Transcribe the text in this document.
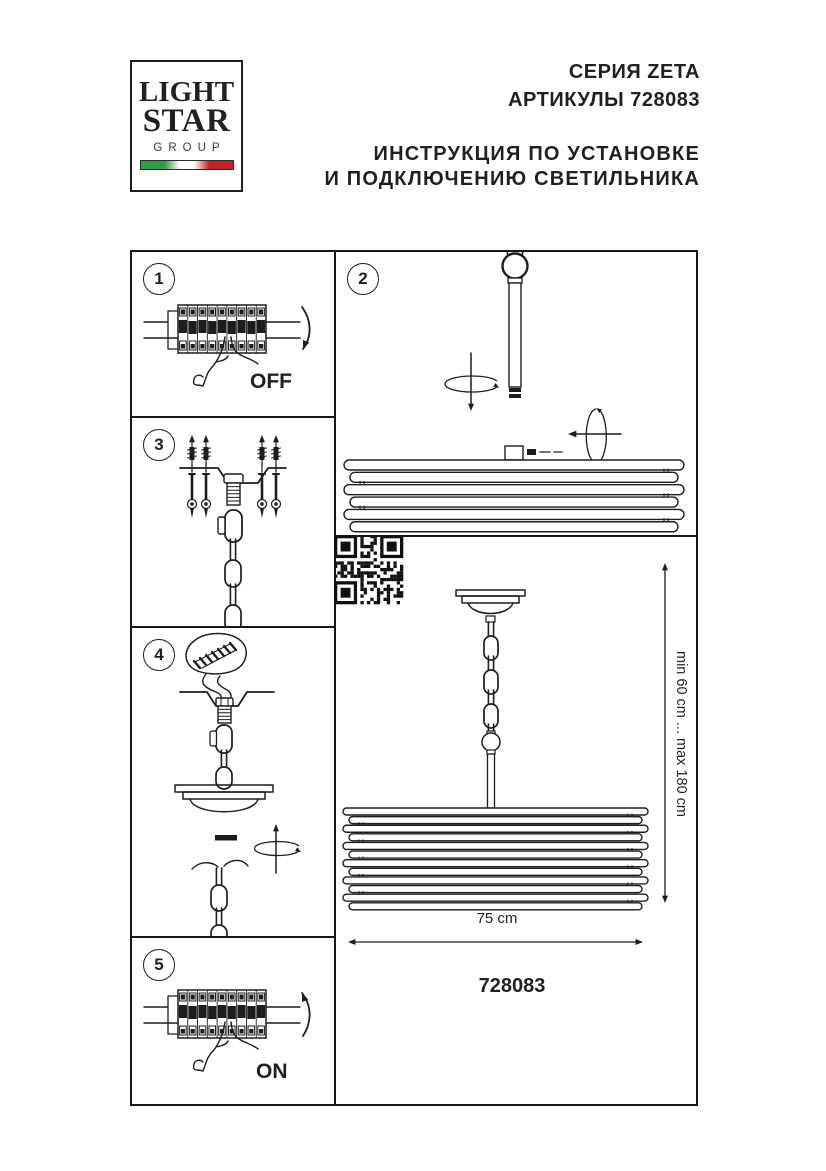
LIGHT
STAR
GROUP
СЕРИЯ ZETA
АРТИКУЛЫ 728083
ИНСТРУКЦИЯ ПО УСТАНОВКЕ
И ПОДКЛЮЧЕНИЮ СВЕТИЛЬНИКА
1
OFF
2
3
4
5
ON
min 60 cm ... max 180 cm
75 cm
728083
